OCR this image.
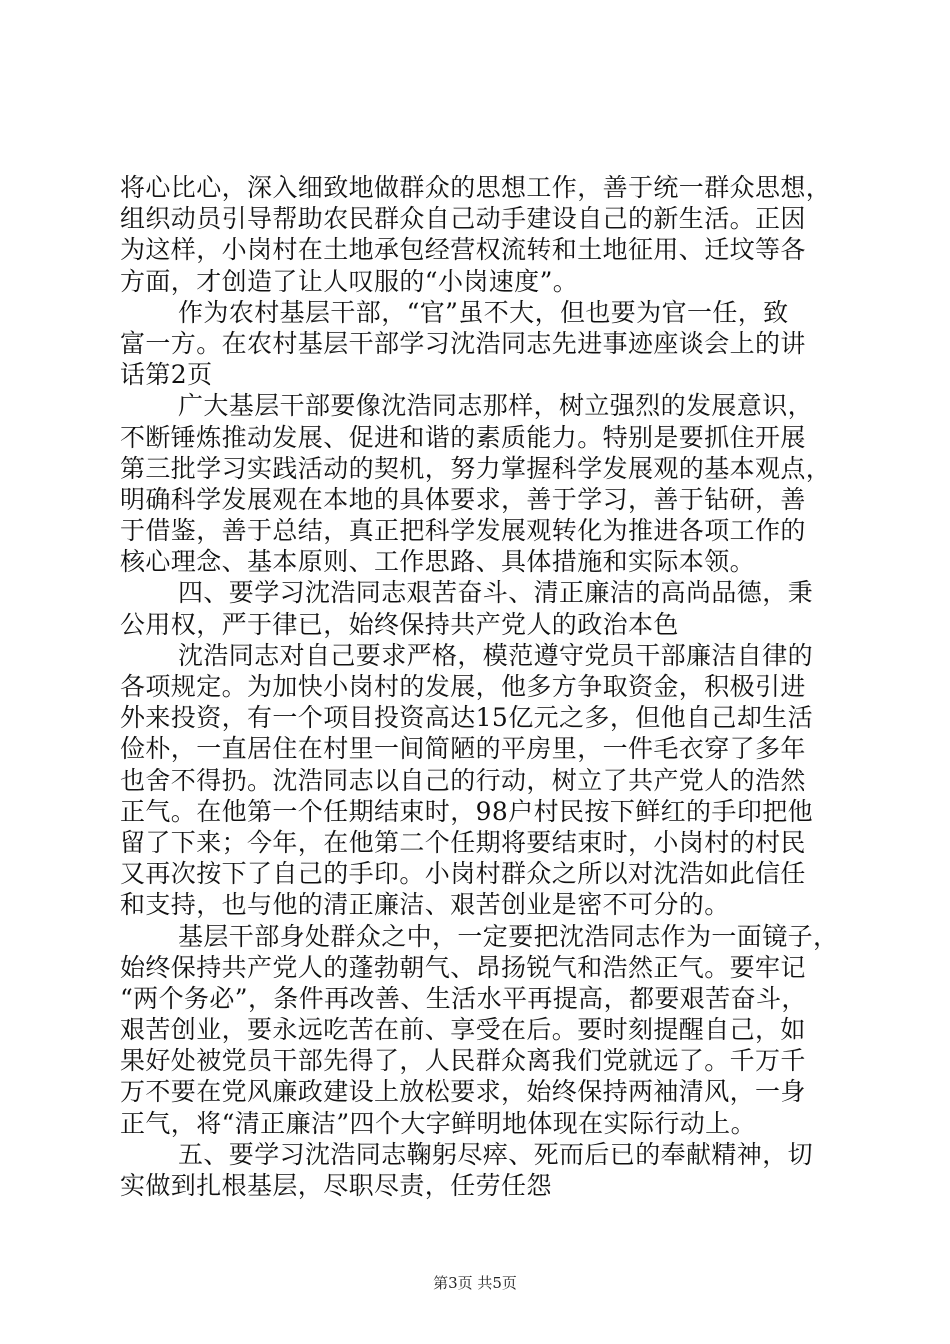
将心比心，深入细致地做群众的思想工作，善于统一群众思想，
组织动员引导帮助农民群众自己动手建设自己的新生活。正因
为这样，小岗村在土地承包经营权流转和土地征用、迁坟等各
方面，才创造了让人叹服的“小岗速度”。
作为农村基层干部，“官”虽不大，但也要为官一任，致
富一方。在农村基层干部学习沈浩同志先进事迹座谈会上的讲
话第2页
广大基层干部要像沈浩同志那样，树立强烈的发展意识，
不断锤炼推动发展、促进和谐的素质能力。特别是要抓住开展
第三批学习实践活动的契机，努力掌握科学发展观的基本观点，
明确科学发展观在本地的具体要求，善于学习，善于钻研，善
于借鉴，善于总结，真正把科学发展观转化为推进各项工作的
核心理念、基本原则、工作思路、具体措施和实际本领。
四、要学习沈浩同志艰苦奋斗、清正廉洁的高尚品德，秉
公用权，严于律已，始终保持共产党人的政治本色
沈浩同志对自己要求严格，模范遵守党员干部廉洁自律的
各项规定。为加快小岗村的发展，他多方争取资金，积极引进
外来投资，有一个项目投资高达15亿元之多，但他自己却生活
俭朴，一直居住在村里一间简陋的平房里，一件毛衣穿了多年
也舍不得扔。沈浩同志以自己的行动，树立了共产党人的浩然
正气。在他第一个任期结束时，98户村民按下鲜红的手印把他
留了下来；今年，在他第二个任期将要结束时，小岗村的村民
又再次按下了自己的手印。小岗村群众之所以对沈浩如此信任
和支持，也与他的清正廉洁、艰苦创业是密不可分的。
基层干部身处群众之中，一定要把沈浩同志作为一面镜子，
始终保持共产党人的蓬勃朝气、昂扬锐气和浩然正气。要牢记
“两个务必”，条件再改善、生活水平再提高，都要艰苦奋斗，
艰苦创业，要永远吃苦在前、享受在后。要时刻提醒自己，如
果好处被党员干部先得了，人民群众离我们党就远了。千万千
万不要在党风廉政建设上放松要求，始终保持两袖清风，一身
正气，将“清正廉洁”四个大字鲜明地体现在实际行动上。
五、要学习沈浩同志鞠躬尽瘁、死而后已的奉献精神，切
实做到扎根基层，尽职尽责，任劳任怨
第3页 共5页
